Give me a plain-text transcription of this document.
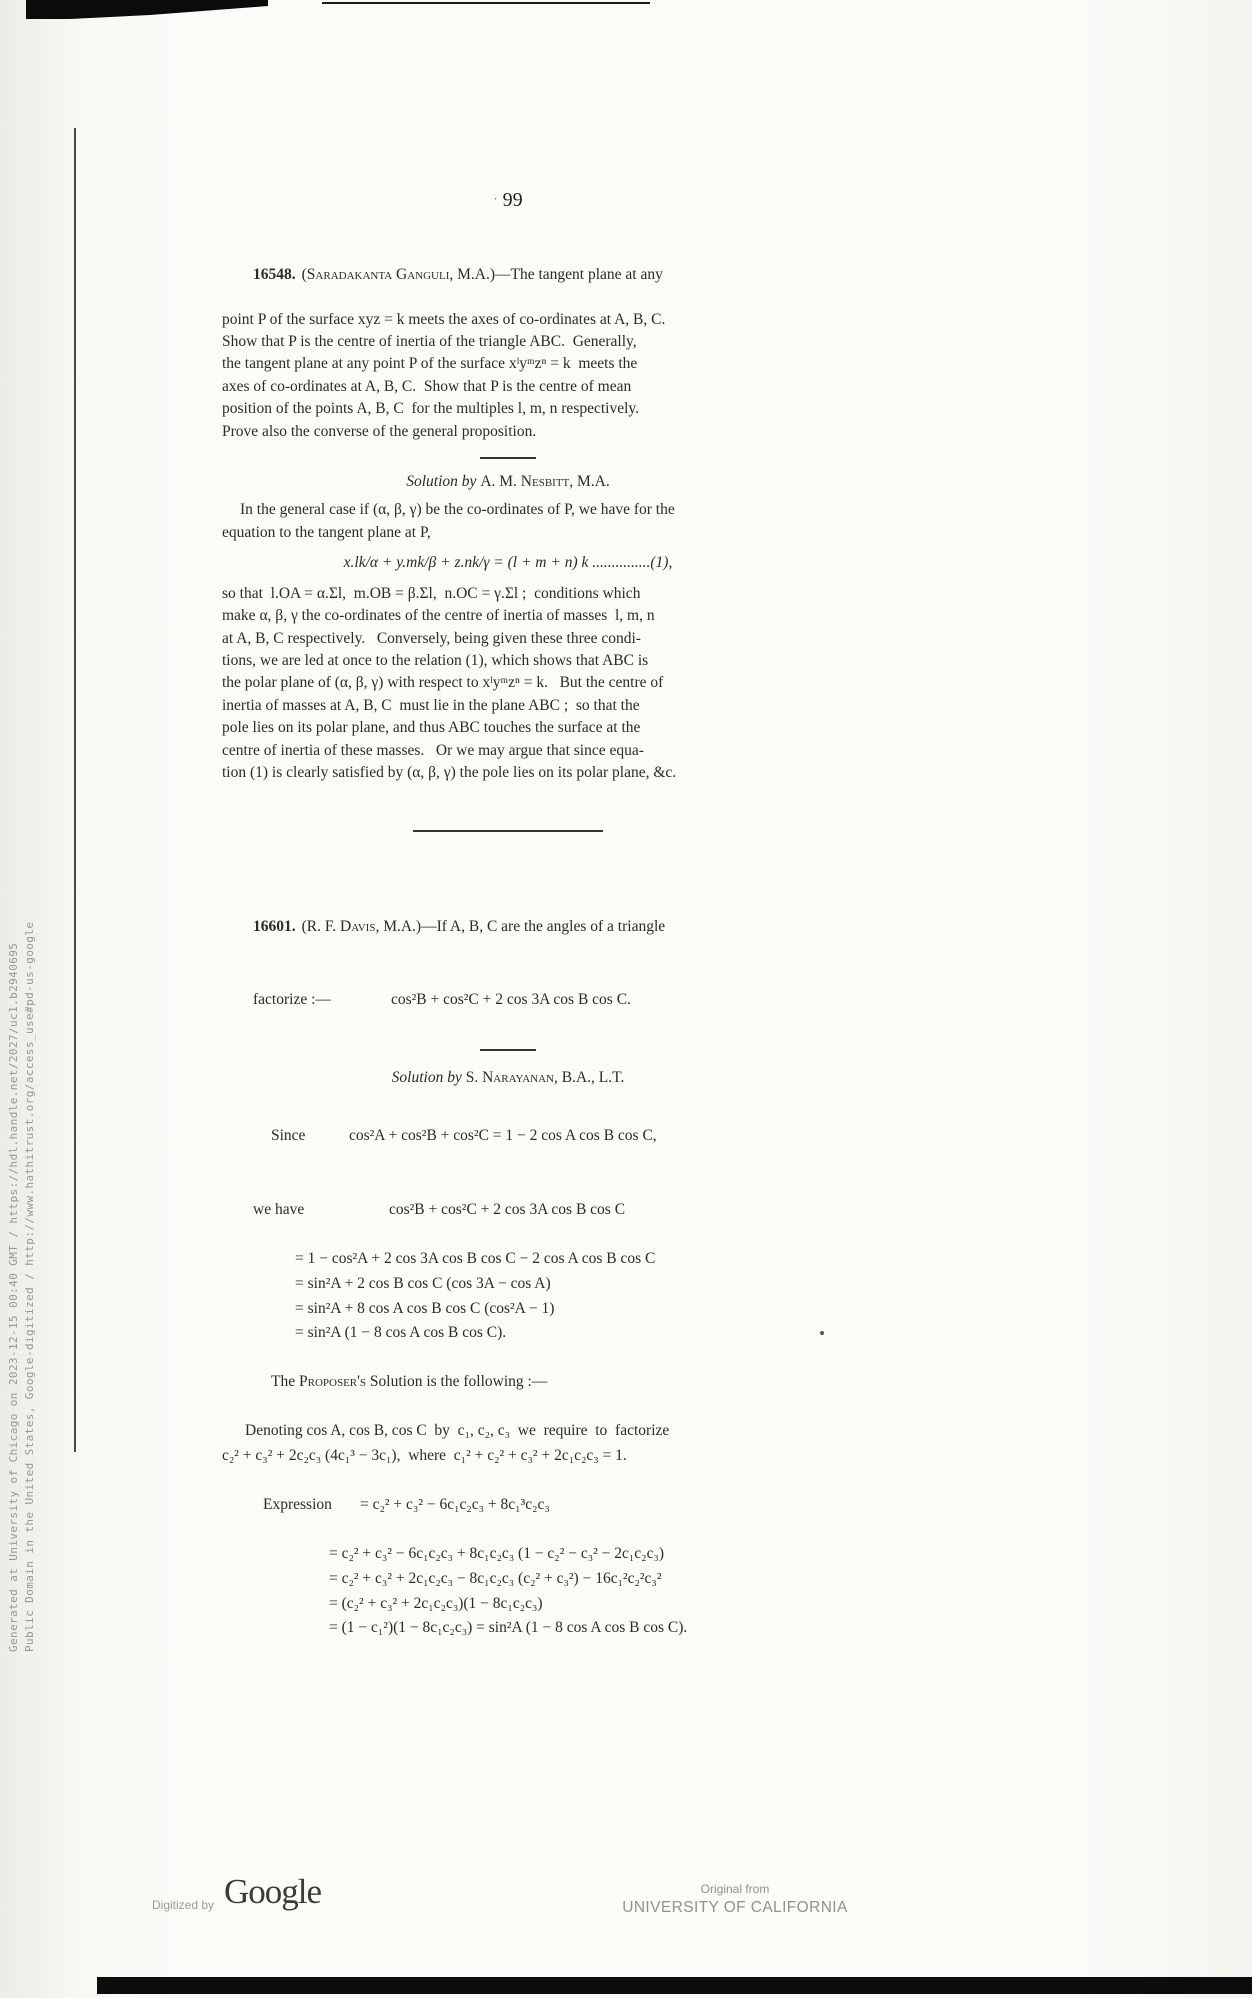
Generated at University of Chicago on 2023-12-15 00:40 GMT / https://hdl.handle.net/2027/uc1.b2940695 Public Domain in the United States, Google-digitized / http://www.hathitrust.org/access_use#pd-us-google
· 99

16548. (Saradakanta Ganguli, M.A.)—The tangent plane at any

point P of the surface xyz = k meets the axes of co-ordinates at A, B, C.
Show that P is the centre of inertia of the triangle ABC.  Generally,
the tangent plane at any point P of the surface xˡyᵐzⁿ = k  meets the
axes of co-ordinates at A, B, C.  Show that P is the centre of mean
position of the points A, B, C  for the multiples l, m, n respectively.
Prove also the converse of the general proposition.
Solution by A. M. Nesbitt, M.A.
In the general case if (α, β, γ) be the co-ordinates of P, we have for the
equation to the tangent plane at P,
x.lk/α + y.mk/β + z.nk/γ = (l + m + n) k ...............(1),
so that  l.OA = α.Σl,  m.OB = β.Σl,  n.OC = γ.Σl ;  conditions which
make α, β, γ the co-ordinates of the centre of inertia of masses  l, m, n
at A, B, C respectively.   Conversely, being given these three condi-
tions, we are led at once to the relation (1), which shows that ABC is
the polar plane of (α, β, γ) with respect to xˡyᵐzⁿ = k.   But the centre of
inertia of masses at A, B, C  must lie in the plane ABC ;  so that the
pole lies on its polar plane, and thus ABC touches the surface at the
centre of inertia of these masses.   Or we may argue that since equa-
tion (1) is clearly satisfied by (α, β, γ) the pole lies on its polar plane, &c.

16601. (R. F. Davis, M.A.)—If A, B, C are the angles of a triangle

factorize :—	cos²B + cos²C + 2 cos 3A cos B cos C.

Solution by S. Narayanan, B.A., L.T.

Since	cos²A + cos²B + cos²C = 1 − 2 cos A cos B cos C,

we have	cos²B + cos²C + 2 cos 3A cos B cos C

= 1 − cos²A + 2 cos 3A cos B cos C − 2 cos A cos B cos C
= sin²A + 2 cos B cos C (cos 3A − cos A)
= sin²A + 8 cos A cos B cos C (cos²A − 1)
= sin²A (1 − 8 cos A cos B cos C).

The Proposer's Solution is the following :—

Denoting cos A, cos B, cos C  by  c₁, c₂, c₃  we  require  to  factorize
c₂² + c₃² + 2c₂c₃ (4c₁³ − 3c₁),  where  c₁² + c₂² + c₃² + 2c₁c₂c₃ = 1.

Expression = c₂² + c₃² − 6c₁c₂c₃ + 8c₁³c₂c₃

= c₂² + c₃² − 6c₁c₂c₃ + 8c₁c₂c₃ (1 − c₂² − c₃² − 2c₁c₂c₃)
= c₂² + c₃² + 2c₁c₂c₃ − 8c₁c₂c₃ (c₂² + c₃²) − 16c₁²c₂²c₃²
= (c₂² + c₃² + 2c₁c₂c₃)(1 − 8c₁c₂c₃)
= (1 − c₁²)(1 − 8c₁c₂c₃) = sin²A (1 − 8 cos A cos B cos C).
Digitized by Google	Original from
UNIVERSITY OF CALIFORNIA
